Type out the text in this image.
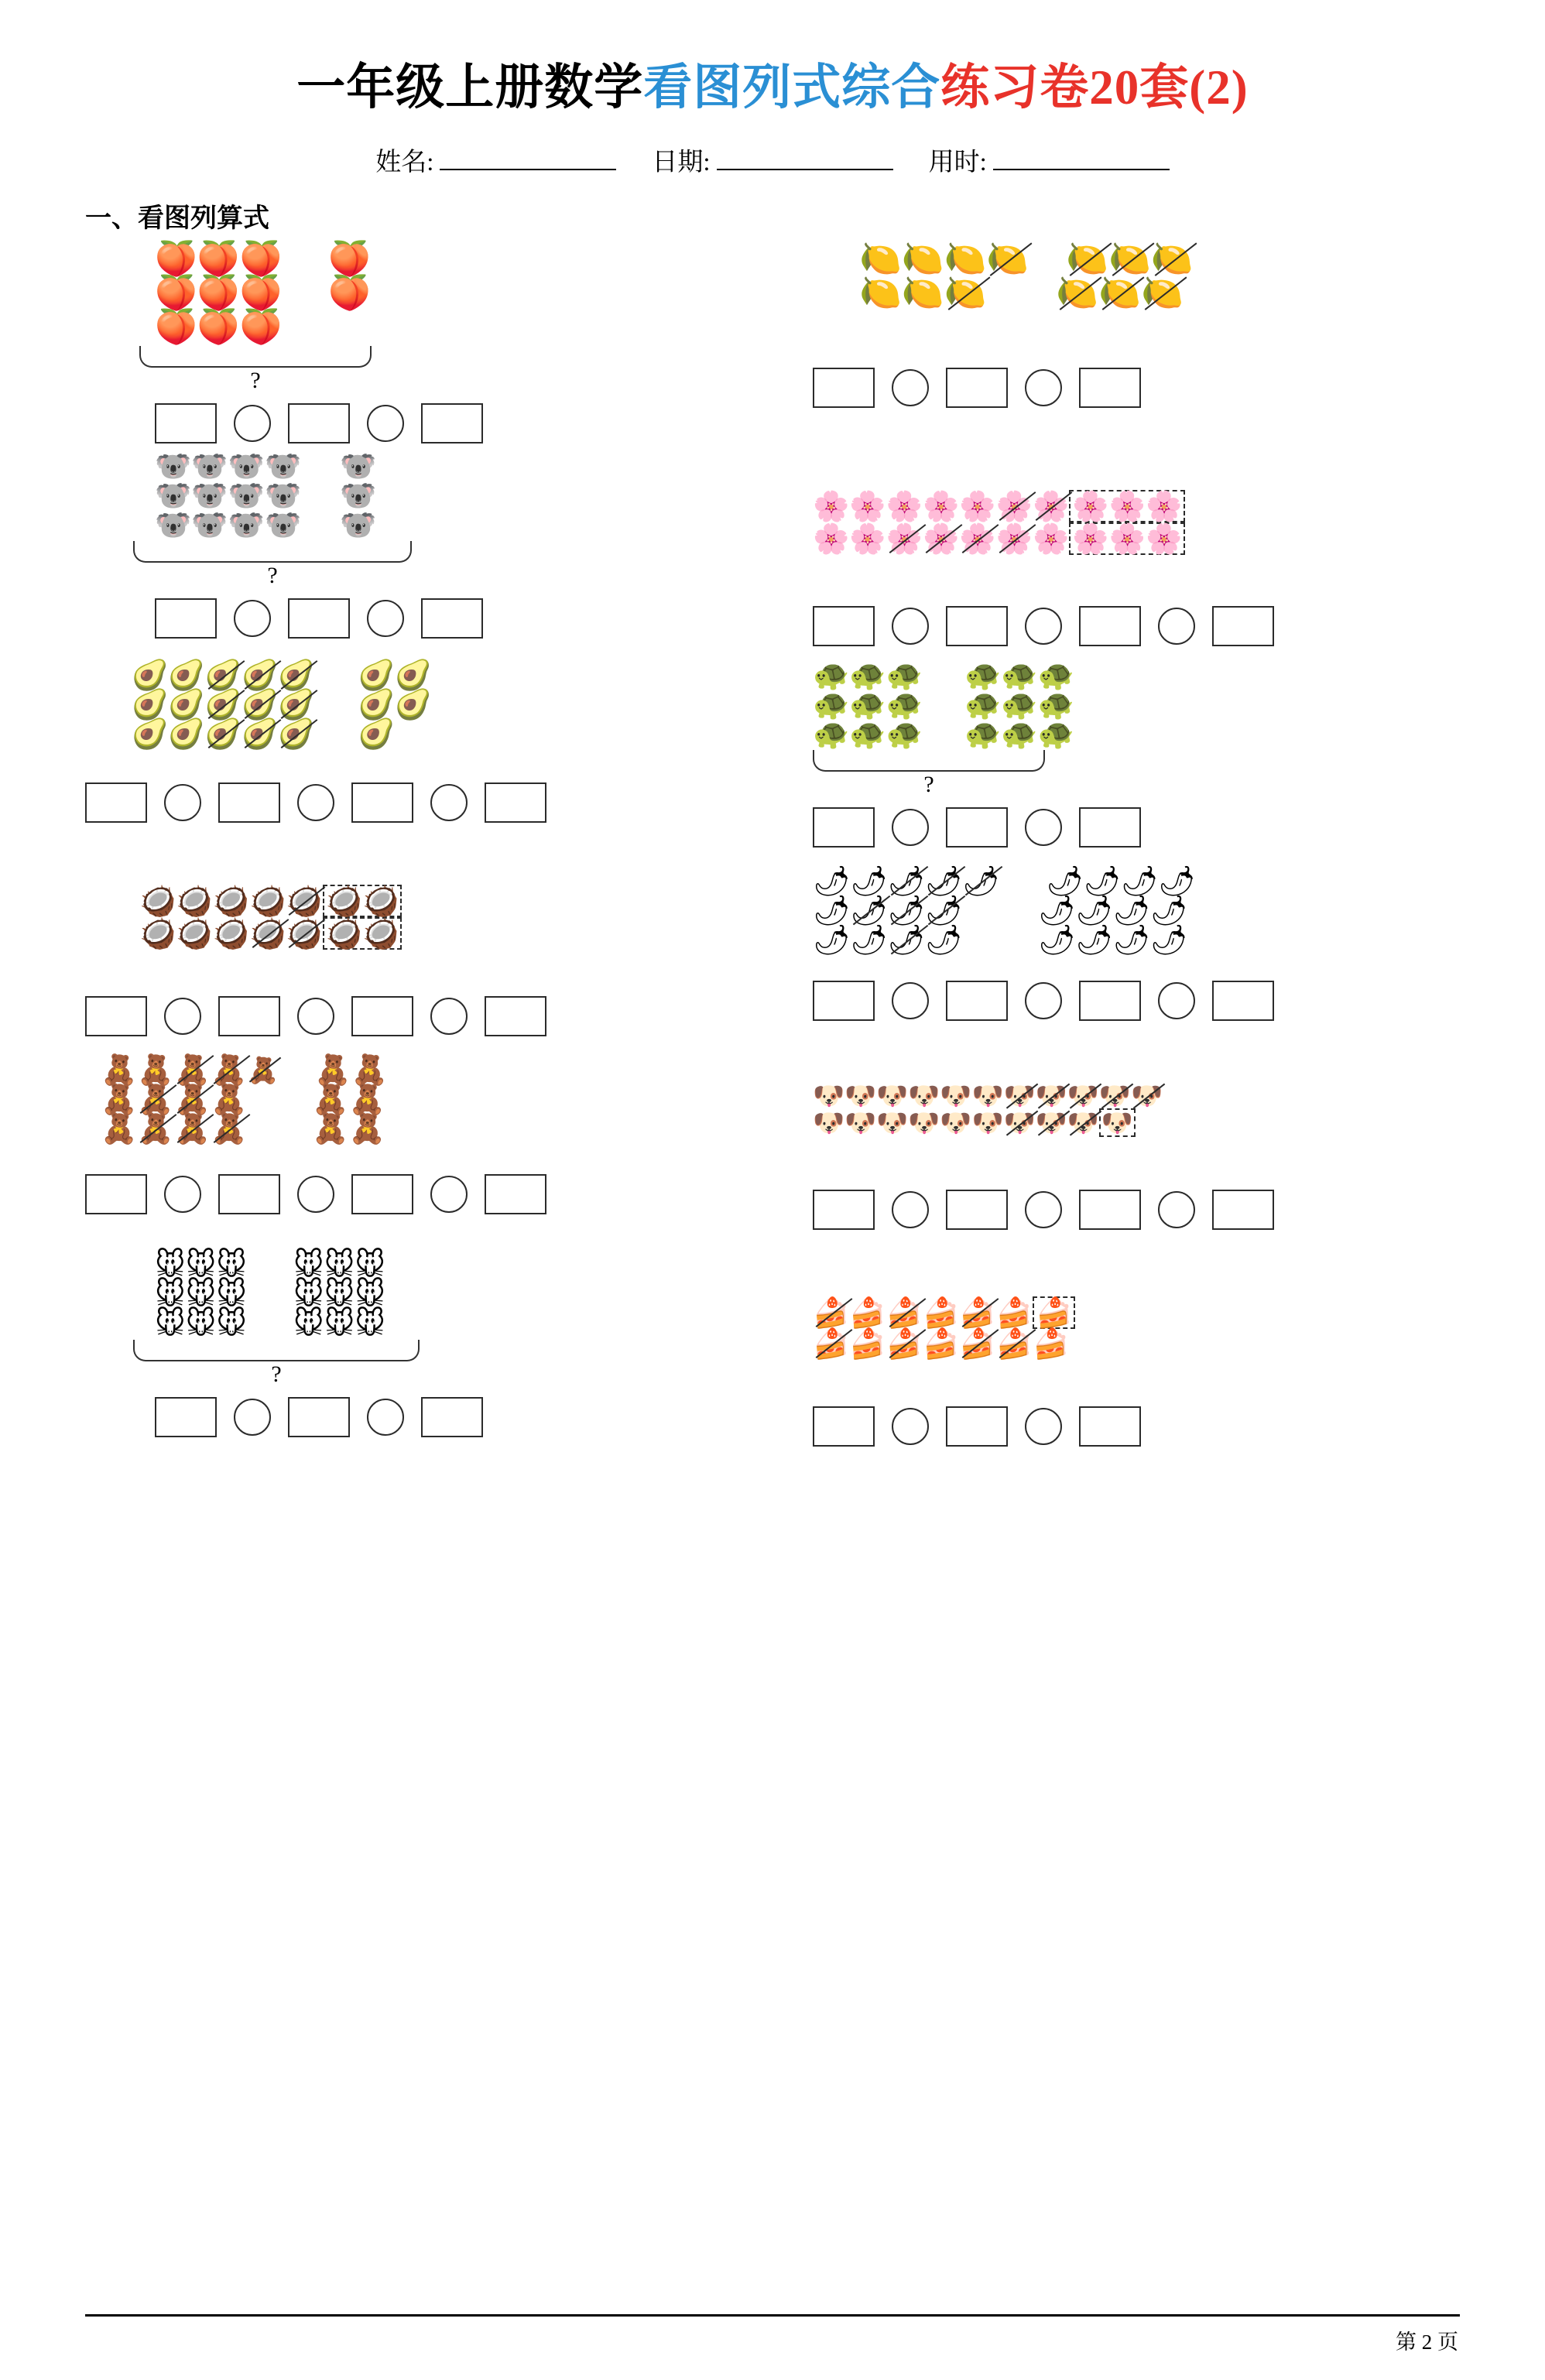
一年级上册数学看图列式综合练习卷20套(2)
姓名:	日期:	用时:
一、看图列算式
🍑 🍑 🍑 🍑
🍑 🍑 🍑 🍑
🍑 🍑 🍑
?
🍋 🍋 🍋 🍋 🍋 🍋 🍋
🍋 🍋 🍋 🍋 🍋 🍋
🐨 🐨 🐨 🐨 🐨
🐨 🐨 🐨 🐨 🐨
🐨 🐨 🐨 🐨 🐨
?
🌸 🌸 🌸 🌸 🌸 🌸 🌸 🌸 🌸 🌸
🌸 🌸 🌸 🌸 🌸 🌸 🌸 🌸 🌸 🌸
🥑 🥑 🥑 🥑 🥑 🥑 🥑
🥑 🥑 🥑 🥑 🥑 🥑 🥑
🥑 🥑 🥑 🥑 🥑 🥑
🐢 🐢 🐢 🐢 🐢 🐢
🐢 🐢 🐢 🐢 🐢 🐢
🐢 🐢 🐢 🐢 🐢 🐢
?
🥥 🥥 🥥 🥥 🥥 🥥 🥥
🥥 🥥 🥥 🥥 🥥 🥥 🥥
🌶 🌶 🌶 🌶 🌶 🌶 🌶 🌶 🌶
🌶 🌶 🌶 🌶	🌶 🌶 🌶 🌶
🌶 🌶 🌶 🌶	🌶 🌶 🌶 🌶
🧸 🧸 🧸 🧸 🧸 🧸 🧸
🧸 🧸 🧸 🧸 🧸 🧸
🧸 🧸 🧸 🧸 🧸 🧸
🐶 🐶 🐶 🐶 🐶 🐶 🐶 🐶 🐶 🐶 🐶
🐶 🐶 🐶 🐶 🐶 🐶 🐶 🐶 🐶 🐶
🐭 🐭 🐭 🐭 🐭 🐭
🐭 🐭 🐭 🐭 🐭 🐭
🐭 🐭 🐭 🐭 🐭 🐭
?
🍰 🍰 🍰 🍰 🍰 🍰 🍰
🍰 🍰 🍰 🍰 🍰 🍰 🍰
第 2 页
